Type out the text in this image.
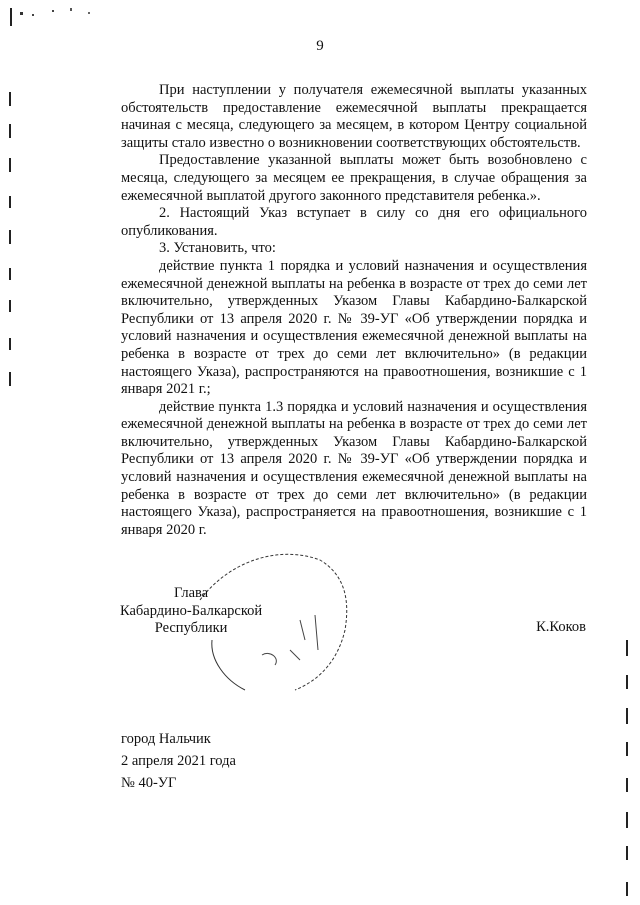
9

При наступлении у получателя ежемесячной выплаты указанных обстоятельств предоставление ежемесячной выплаты прекращается начиная с месяца, следующего за месяцем, в котором Центру социальной защиты стало известно о возникновении соответствующих обстоятельств.

Предоставление указанной выплаты может быть возобновлено с месяца, следующего за месяцем ее прекращения, в случае обращения за ежемесячной выплатой другого законного представителя ребенка.».

2. Настоящий Указ вступает в силу со дня его официального опубликования.

3. Установить, что:

действие пункта 1 порядка и условий назначения и осуществления ежемесячной денежной выплаты на ребенка в возрасте от трех до семи лет включительно, утвержденных Указом Главы Кабардино-Балкарской Республики от 13 апреля 2020 г. № 39-УГ «Об утверждении порядка и условий назначения и осуществления ежемесячной денежной выплаты на ребенка в возрасте от трех до семи лет включительно» (в редакции настоящего Указа), распространяются на правоотношения, возникшие с 1 января 2021 г.;

действие пункта 1.3 порядка и условий назначения и осуществления ежемесячной денежной выплаты на ребенка в возрасте от трех до семи лет включительно, утвержденных Указом Главы Кабардино-Балкарской Республики от 13 апреля 2020 г. № 39-УГ «Об утверждении порядка и условий назначения и осуществления ежемесячной денежной выплаты на ребенка в возрасте от трех до семи лет включительно» (в редакции настоящего Указа), распространяется на правоотношения, возникшие с 1 января 2020 г.

Глава
Кабардино-Балкарской
Республики	К.Коков
город Нальчик
2 апреля 2021 года
№ 40-УГ
